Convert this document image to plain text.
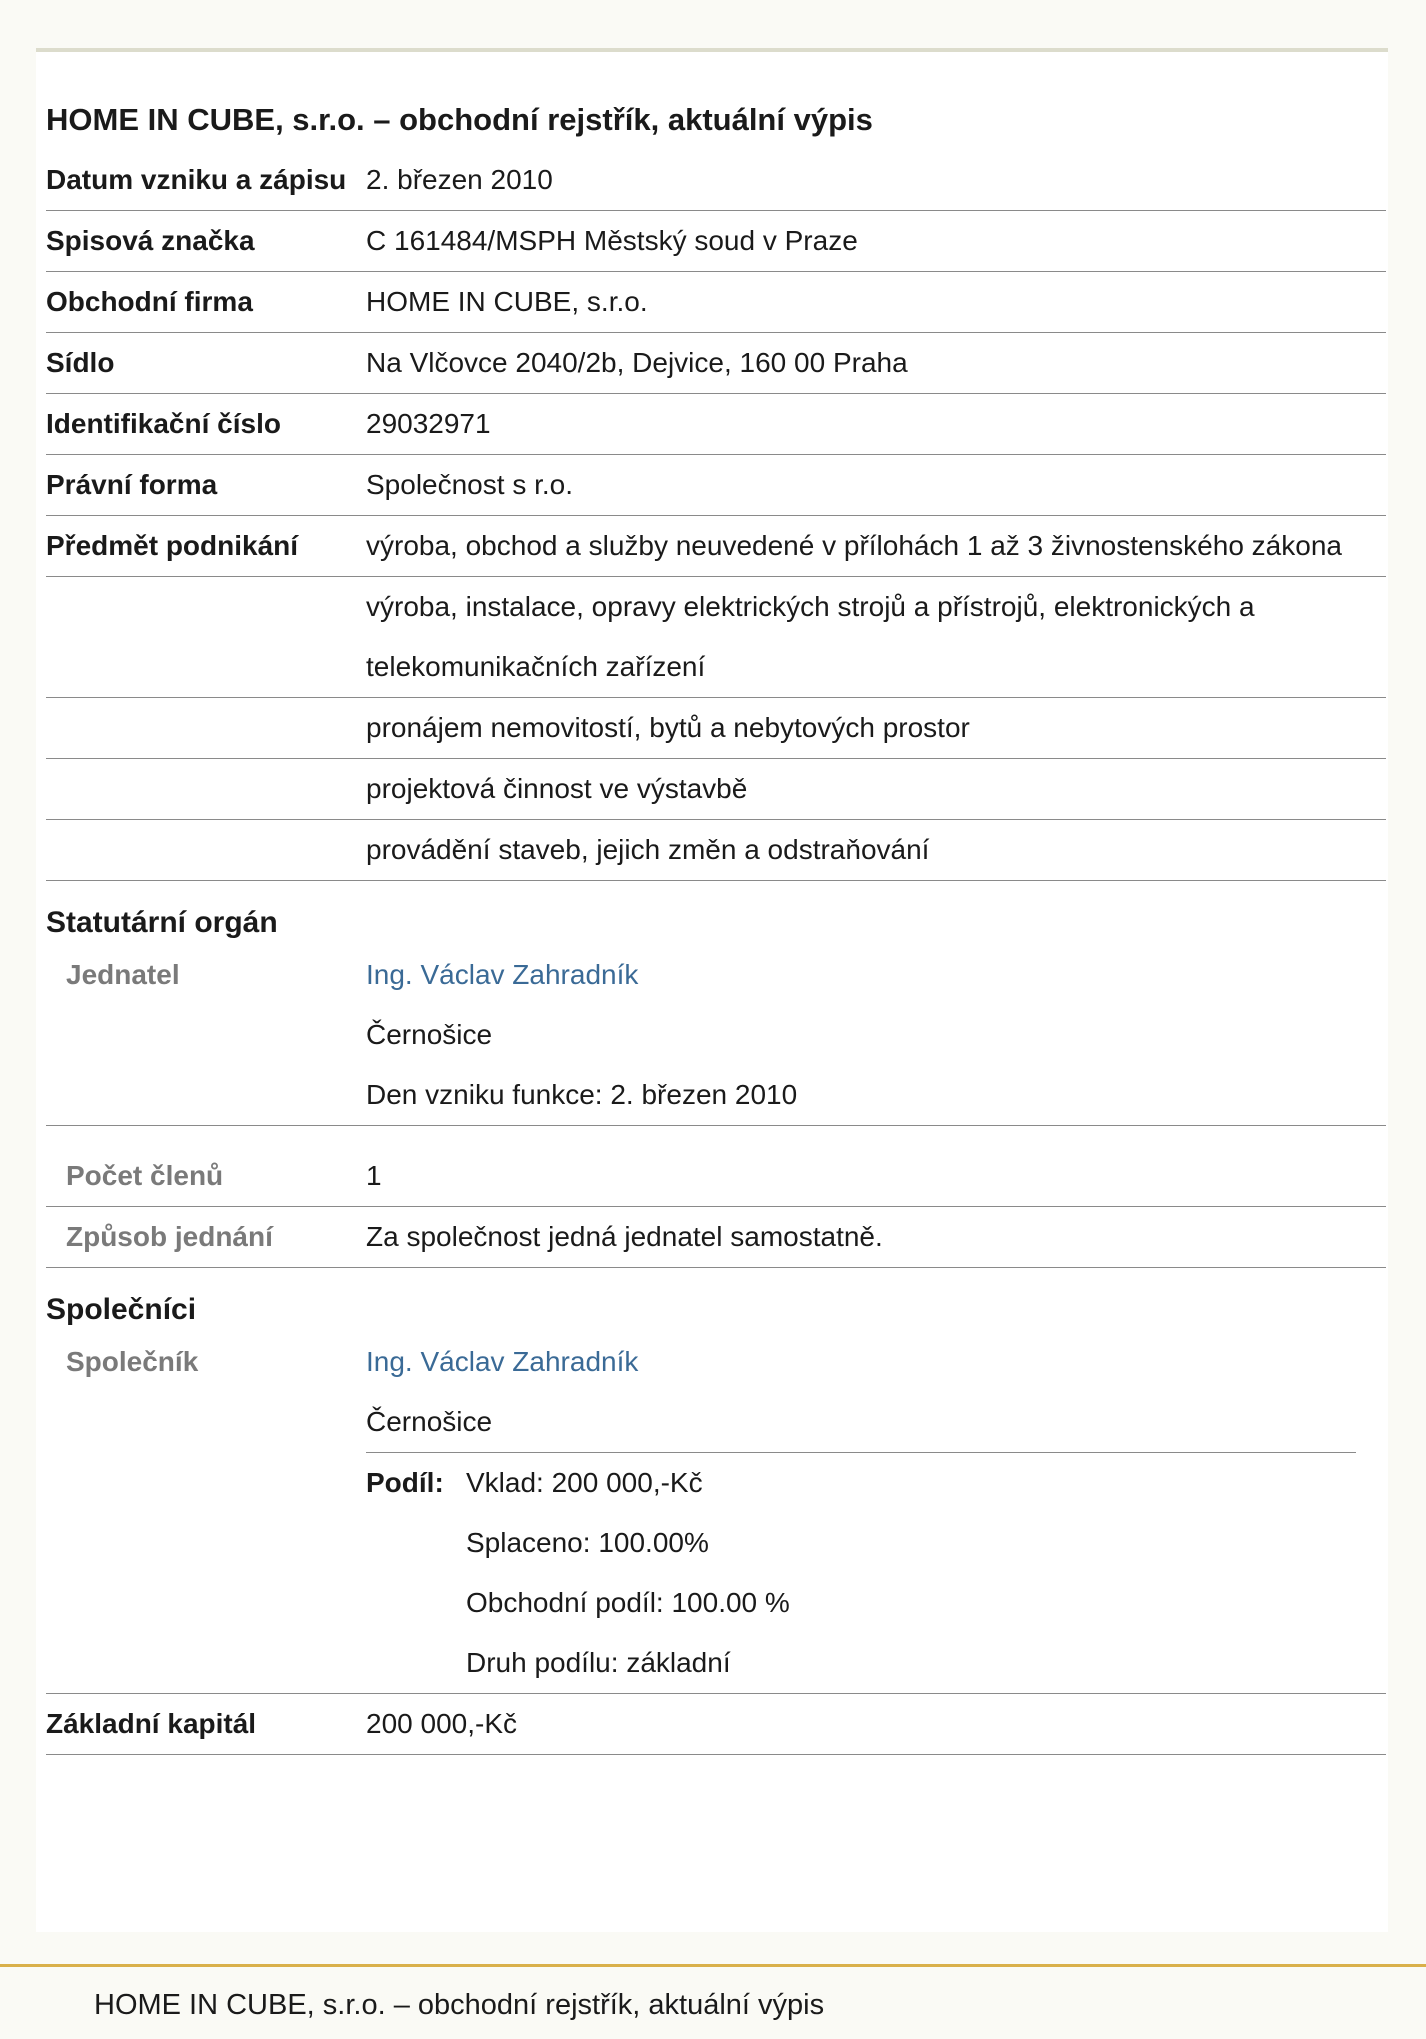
HOME IN CUBE, s.r.o. – obchodní rejstřík, aktuální výpis
Datum vzniku a zápisu 2. březen 2010
Spisová značka	C 161484/MSPH Městský soud v Praze
Obchodní firma	HOME IN CUBE, s.r.o.
Sídlo	Na Vlčovce 2040/2b, Dejvice, 160 00 Praha
Identifikační číslo	29032971
Právní forma	Společnost s r.o.
Předmět podnikání	výroba, obchod a služby neuvedené v přílohách 1 až 3 živnostenského zákona
výroba, instalace, opravy elektrických strojů a přístrojů, elektronických a telekomunikačních zařízení
pronájem nemovitostí, bytů a nebytových prostor
projektová činnost ve výstavbě
provádění staveb, jejich změn a odstraňování
Statutární orgán
Jednatel	Ing. Václav Zahradník
Černošice
Den vzniku funkce: 2. březen 2010
Počet členů	1
Způsob jednání	Za společnost jedná jednatel samostatně.
Společníci
Společník	Ing. Václav Zahradník
Černošice
Podíl: Vklad: 200 000,-Kč
Splaceno: 100.00%
Obchodní podíl: 100.00 %
Druh podílu: základní
Základní kapitál	200 000,-Kč
HOME IN CUBE, s.r.o. – obchodní rejstřík, aktuální výpis
